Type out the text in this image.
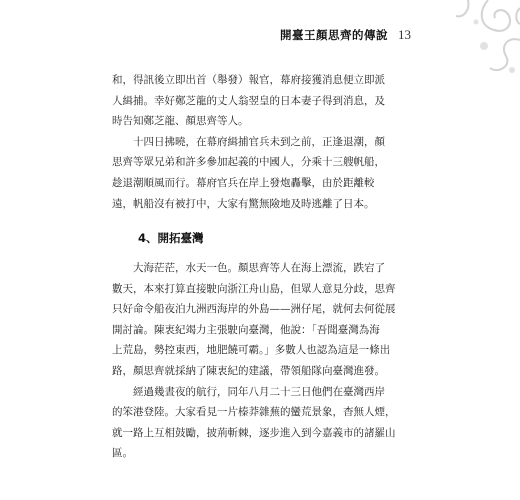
開臺王顏思齊的傳說 13
和，得訊後立即出首（舉發）報官，幕府接獲消息便立即派
人緝捕。幸好鄭芝龍的丈人翁翌皇的日本妻子得到消息，及
時告知鄭芝龍、顏思齊等人。
十四日拂曉，在幕府緝捕官兵未到之前，正逢退潮，顏
思齊等眾兄弟和許多參加起義的中國人，分乘十三艘帆船，
趁退潮順風而行。幕府官兵在岸上發炮轟擊，由於距離較
遠，帆船沒有被打中，大家有驚無險地及時逃離了日本。
4、開拓臺灣
大海茫茫，水天一色。顏思齊等人在海上漂流，跌宕了
數天，本來打算直接駛向浙江舟山島，但眾人意見分歧，思齊
只好命令船夜泊九洲西海岸的外島——洲仔尾，就何去何從展
開討論。陳衷紀竭力主張駛向臺灣，他說：「吾聞臺灣為海
上荒島，勢控東西，地肥饒可霸。」多數人也認為這是一條出
路，顏思齊就採納了陳衷紀的建議，帶領船隊向臺灣進發。
經過幾晝夜的航行，同年八月二十三日他們在臺灣西岸
的笨港登陸。大家看見一片榛莽雜蕪的蠻荒景象，杳無人煙，
就一路上互相鼓勵，披荊斬棘，逐步進入到今嘉義市的諸羅山
區。
